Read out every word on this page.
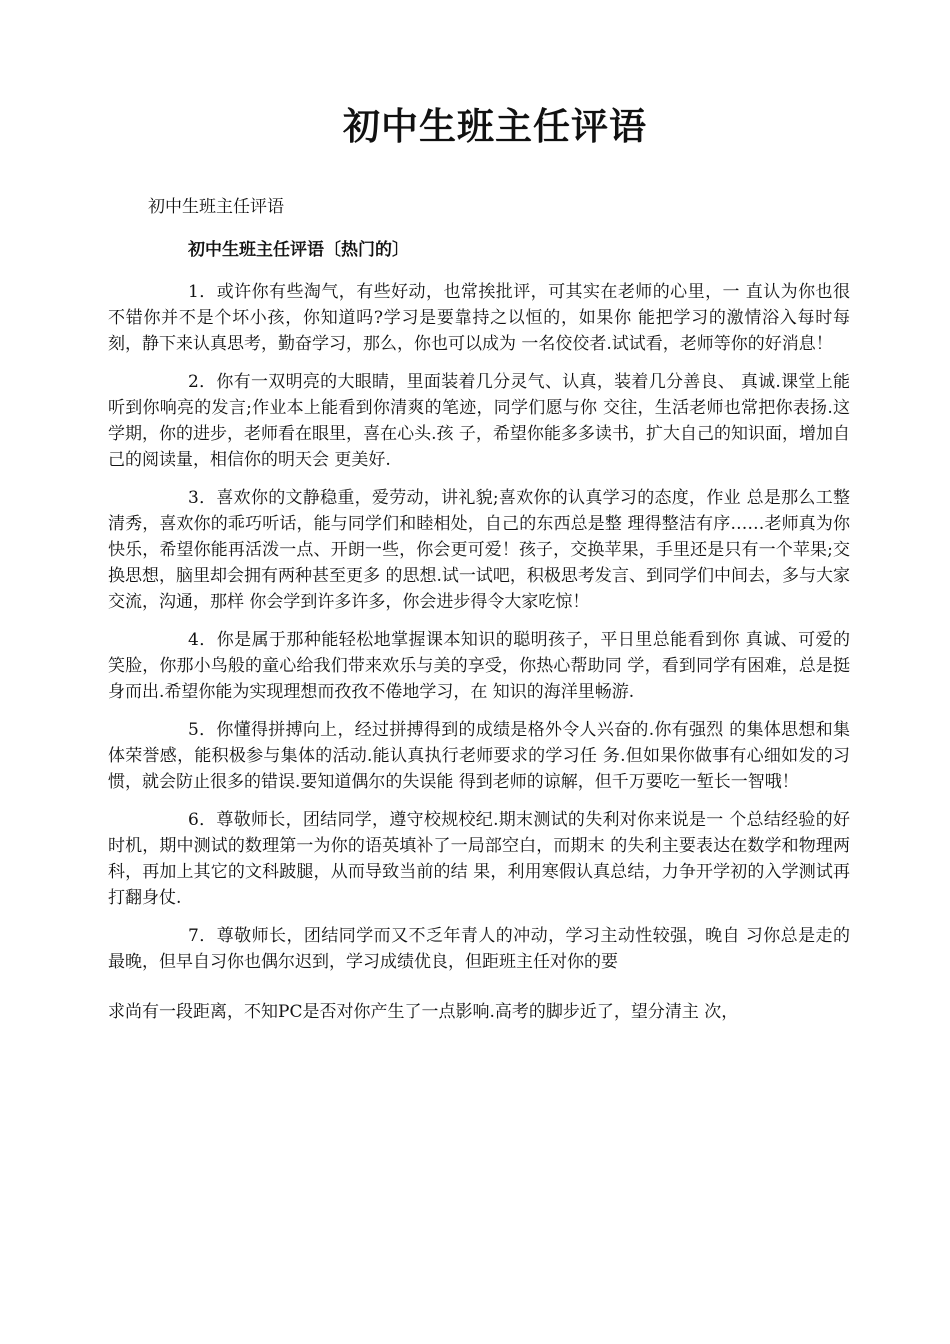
初中生班主任评语

初中生班主任评语

初中生班主任评语〔热门的〕

1．或许你有些淘气，有些好动，也常挨批评，可其实在老师的心里，一 直认为你也很不错你并不是个坏小孩，你知道吗?学习是要靠持之以恒的，如果你 能把学习的激情浴入每时每刻，静下来认真思考，勤奋学习，那么，你也可以成为 一名佼佼者.试试看，老师等你的好消息！

2．你有一双明亮的大眼睛，里面装着几分灵气、认真，装着几分善良、 真诚.课堂上能听到你响亮的发言;作业本上能看到你清爽的笔迹，同学们愿与你 交往，生活老师也常把你表扬.这学期，你的进步，老师看在眼里，喜在心头.孩 子，希望你能多多读书，扩大自己的知识面，增加自己的阅读量，相信你的明天会 更美好.

3．喜欢你的文静稳重，爱劳动，讲礼貌;喜欢你的认真学习的态度，作业 总是那么工整清秀，喜欢你的乖巧听话，能与同学们和睦相处，自己的东西总是整 理得整洁有序……老师真为你快乐，希望你能再活泼一点、开朗一些，你会更可爱！孩子，交换苹果，手里还是只有一个苹果;交换思想，脑里却会拥有两种甚至更多 的思想.试一试吧，积极思考发言、到同学们中间去，多与大家交流，沟通，那样 你会学到许多许多，你会进步得令大家吃惊！

4．你是属于那种能轻松地掌握课本知识的聪明孩子，平日里总能看到你 真诚、可爱的笑脸，你那小鸟般的童心给我们带来欢乐与美的享受，你热心帮助同 学，看到同学有困难，总是挺身而出.希望你能为实现理想而孜孜不倦地学习，在 知识的海洋里畅游.

5．你懂得拼搏向上，经过拼搏得到的成绩是格外令人兴奋的.你有强烈 的集体思想和集体荣誉感，能积极参与集体的活动.能认真执行老师要求的学习任 务.但如果你做事有心细如发的习惯，就会防止很多的错误.要知道偶尔的失误能 得到老师的谅解，但千万要吃一堑长一智哦！

6．尊敬师长，团结同学，遵守校规校纪.期末测试的失利对你来说是一 个总结经验的好时机，期中测试的数理第一为你的语英填补了一局部空白，而期末 的失利主要表达在数学和物理两科，再加上其它的文科跛腿，从而导致当前的结 果，利用寒假认真总结，力争开学初的入学测试再打翻身仗.

7．尊敬师长，团结同学而又不乏年青人的冲动，学习主动性较强，晚自 习你总是走的最晚，但早自习你也偶尔迟到，学习成绩优良，但距班主任对你的要

求尚有一段距离，不知PC是否对你产生了一点影响.高考的脚步近了，望分清主 次，
